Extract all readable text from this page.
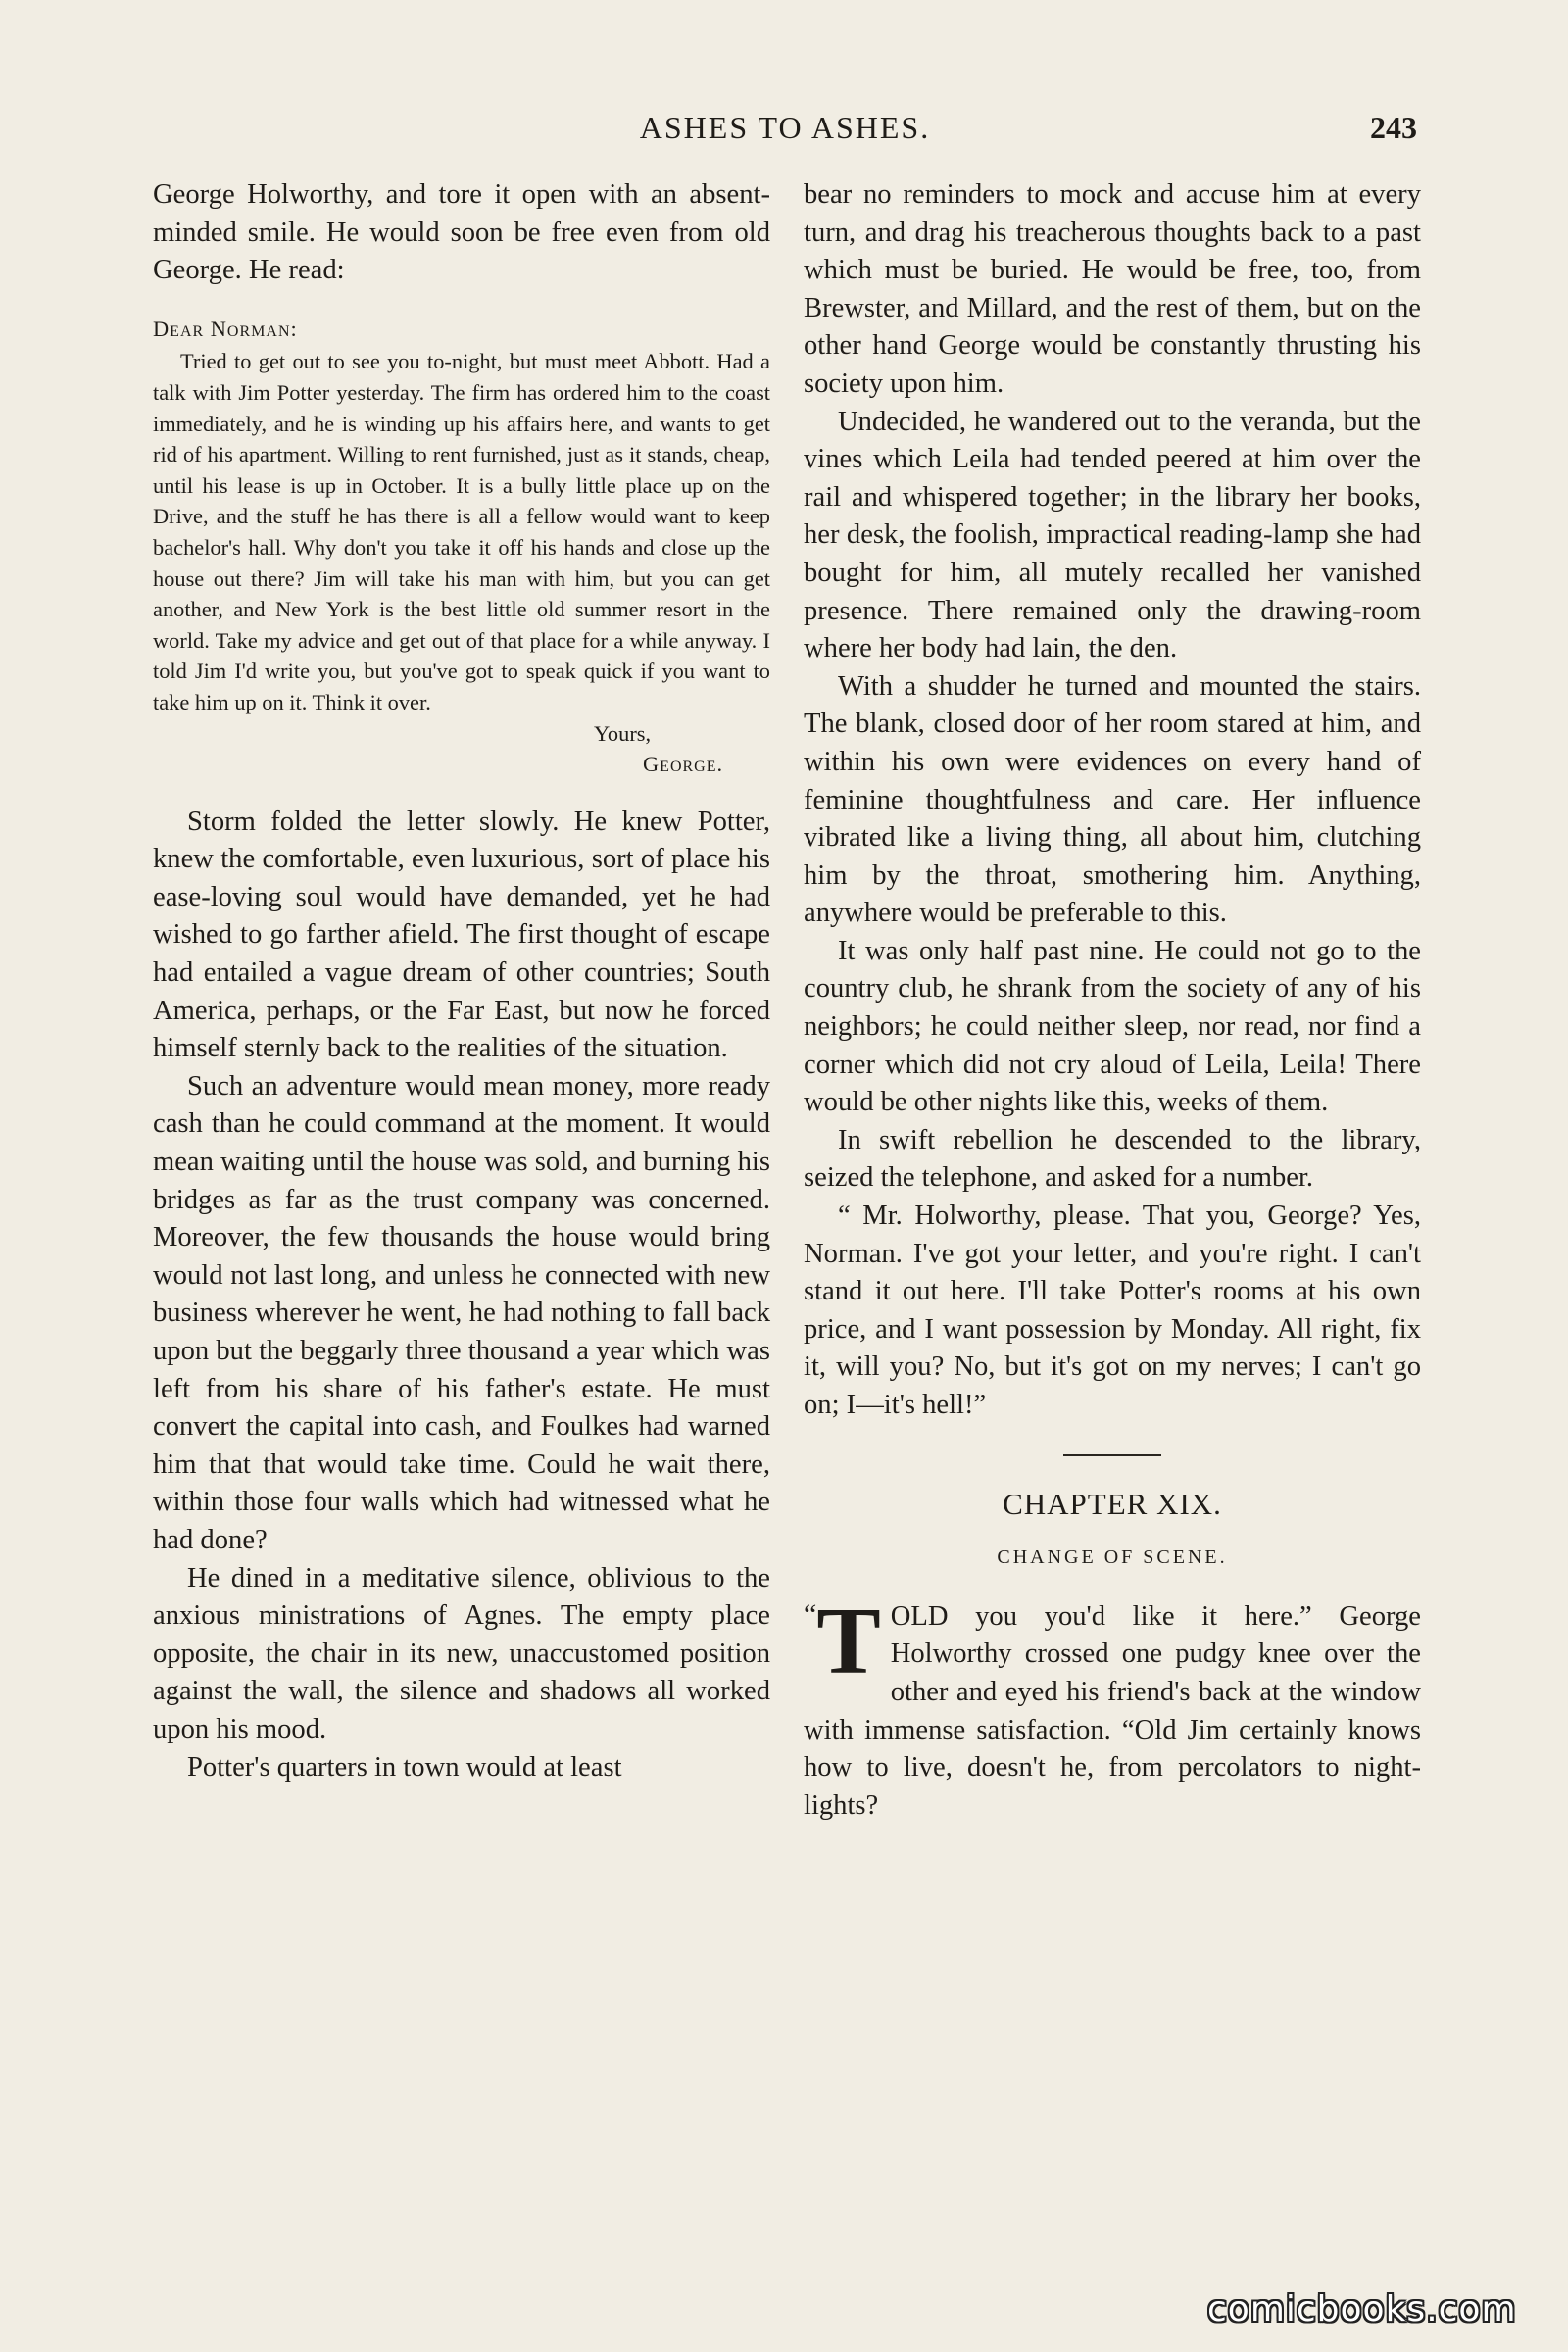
ASHES TO ASHES.	243

George Holworthy, and tore it open with an absent-minded smile. He would soon be free even from old George. He read:

Dear Norman:

Tried to get out to see you to-night, but must meet Abbott. Had a talk with Jim Potter yesterday. The firm has ordered him to the coast immediately, and he is winding up his affairs here, and wants to get rid of his apartment. Willing to rent furnished, just as it stands, cheap, until his lease is up in October. It is a bully little place up on the Drive, and the stuff he has there is all a fellow would want to keep bachelor's hall. Why don't you take it off his hands and close up the house out there? Jim will take his man with him, but you can get another, and New York is the best little old summer resort in the world. Take my advice and get out of that place for a while anyway. I told Jim I'd write you, but you've got to speak quick if you want to take him up on it. Think it over.

Yours,
George.

Storm folded the letter slowly. He knew Potter, knew the comfortable, even luxurious, sort of place his ease-loving soul would have demanded, yet he had wished to go farther afield. The first thought of escape had entailed a vague dream of other countries; South America, perhaps, or the Far East, but now he forced himself sternly back to the realities of the situation.

Such an adventure would mean money, more ready cash than he could command at the moment. It would mean waiting until the house was sold, and burning his bridges as far as the trust company was concerned. Moreover, the few thousands the house would bring would not last long, and unless he connected with new business wherever he went, he had nothing to fall back upon but the beggarly three thousand a year which was left from his share of his father's estate. He must convert the capital into cash, and Foulkes had warned him that that would take time. Could he wait there, within those four walls which had witnessed what he had done?

He dined in a meditative silence, oblivious to the anxious ministrations of Agnes. The empty place opposite, the chair in its new, unaccustomed position against the wall, the silence and shadows all worked upon his mood.

Potter's quarters in town would at least

bear no reminders to mock and accuse him at every turn, and drag his treacherous thoughts back to a past which must be buried. He would be free, too, from Brewster, and Millard, and the rest of them, but on the other hand George would be constantly thrusting his society upon him.

Undecided, he wandered out to the veranda, but the vines which Leila had tended peered at him over the rail and whispered together; in the library her books, her desk, the foolish, impractical reading-lamp she had bought for him, all mutely recalled her vanished presence. There remained only the drawing-room where her body had lain, the den.

With a shudder he turned and mounted the stairs. The blank, closed door of her room stared at him, and within his own were evidences on every hand of feminine thoughtfulness and care. Her influence vibrated like a living thing, all about him, clutching him by the throat, smothering him. Anything, anywhere would be preferable to this.

It was only half past nine. He could not go to the country club, he shrank from the society of any of his neighbors; he could neither sleep, nor read, nor find a corner which did not cry aloud of Leila, Leila! There would be other nights like this, weeks of them.

In swift rebellion he descended to the library, seized the telephone, and asked for a number.

“ Mr. Holworthy, please. That you, George? Yes, Norman. I've got your letter, and you're right. I can't stand it out here. I'll take Potter's rooms at his own price, and I want possession by Monday. All right, fix it, will you? No, but it's got on my nerves; I can't go on; I—it's hell!”

CHAPTER XIX.
CHANGE OF SCENE.

“ T OLD you you'd like it here.” George Holworthy crossed one pudgy knee over the other and eyed his friend's back at the window with immense satisfaction. “Old Jim certainly knows how to live, doesn't he, from percolators to night-lights?

comicbooks.com
